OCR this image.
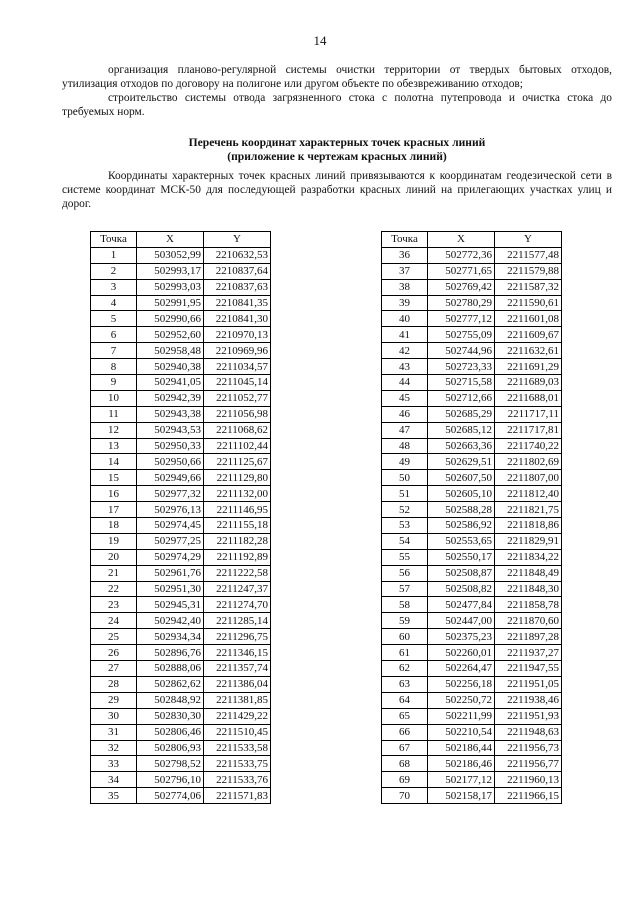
14

организация планово-регулярной системы очистки территории от твердых бытовых отходов, утилизация отходов по договору на полигоне или другом объекте по обезвреживанию отходов;

строительство системы отвода загрязненного стока с полотна путепровода и очистка стока до требуемых норм.

Перечень координат характерных точек красных линий
(приложение к чертежам красных линий)

Координаты характерных точек красных линий привязываются к координатам геодезической сети в системе координат МСК-50 для последующей разработки красных линий на прилегающих участках улиц и дорог.

Точка	X	Y
1	503052,99	2210632,53
2	502993,17	2210837,64
3	502993,03	2210837,63
4	502991,95	2210841,35
5	502990,66	2210841,30
6	502952,60	2210970,13
7	502958,48	2210969,96
8	502940,38	2211034,57
9	502941,05	2211045,14
10	502942,39	2211052,77
11	502943,38	2211056,98
12	502943,53	2211068,62
13	502950,33	2211102,44
14	502950,66	2211125,67
15	502949,66	2211129,80
16	502977,32	2211132,00
17	502976,13	2211146,95
18	502974,45	2211155,18
19	502977,25	2211182,28
20	502974,29	2211192,89
21	502961,76	2211222,58
22	502951,30	2211247,37
23	502945,31	2211274,70
24	502942,40	2211285,14
25	502934,34	2211296,75
26	502896,76	2211346,15
27	502888,06	2211357,74
28	502862,62	2211386,04
29	502848,92	2211381,85
30	502830,30	2211429,22
31	502806,46	2211510,45
32	502806,93	2211533,58
33	502798,52	2211533,75
34	502796,10	2211533,76
35	502774,06	2211571,83
Точка	X	Y
36	502772,36	2211577,48
37	502771,65	2211579,88
38	502769,42	2211587,32
39	502780,29	2211590,61
40	502777,12	2211601,08
41	502755,09	2211609,67
42	502744,96	2211632,61
43	502723,33	2211691,29
44	502715,58	2211689,03
45	502712,66	2211688,01
46	502685,29	2211717,11
47	502685,12	2211717,81
48	502663,36	2211740,22
49	502629,51	2211802,69
50	502607,50	2211807,00
51	502605,10	2211812,40
52	502588,28	2211821,75
53	502586,92	2211818,86
54	502553,65	2211829,91
55	502550,17	2211834,22
56	502508,87	2211848,49
57	502508,82	2211848,30
58	502477,84	2211858,78
59	502447,00	2211870,60
60	502375,23	2211897,28
61	502260,01	2211937,27
62	502264,47	2211947,55
63	502256,18	2211951,05
64	502250,72	2211938,46
65	502211,99	2211951,93
66	502210,54	2211948,63
67	502186,44	2211956,73
68	502186,46	2211956,77
69	502177,12	2211960,13
70	502158,17	2211966,15
